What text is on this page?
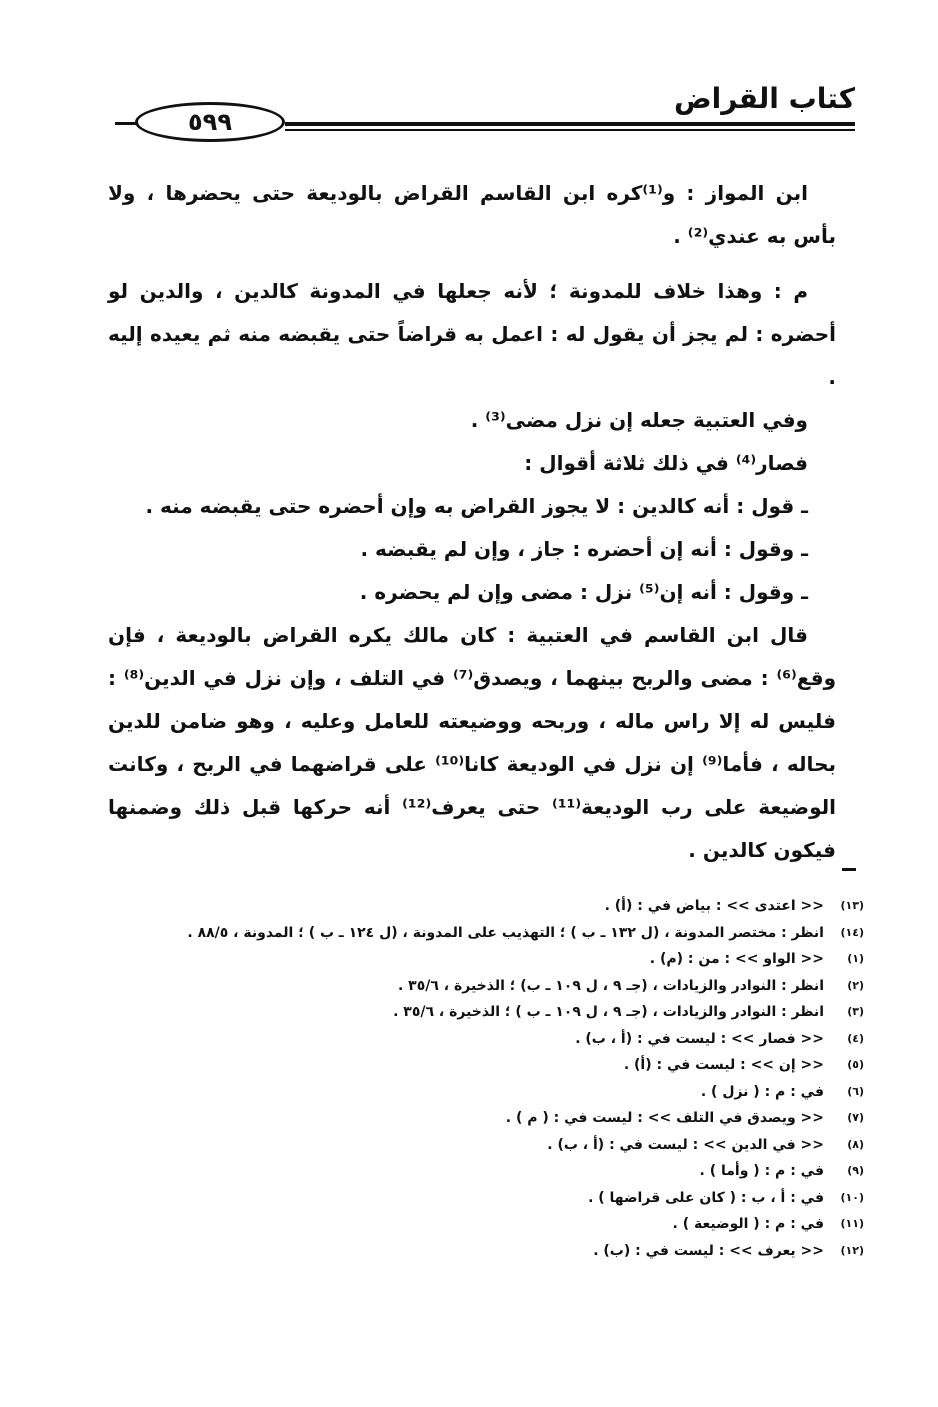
٥٩٩
كتاب القراض

ابن المواز : و⁽¹⁾كره ابن القاسم القراض بالوديعة حتى يحضرها ، ولا بأس به عندي⁽²⁾ .

م : وهذا خلاف للمدونة ؛ لأنه جعلها في المدونة كالدين ، والدين لو أحضره : لم يجز أن يقول له : اعمل به قراضاً حتى يقبضه منه ثم يعيده إليه .

وفي العتبية جعله إن نزل مضى⁽³⁾ .

فصار⁽⁴⁾ في ذلك ثلاثة أقوال :

ـ قول : أنه كالدين : لا يجوز القراض به وإن أحضره حتى يقبضه منه .

ـ وقول : أنه إن أحضره : جاز ، وإن لم يقبضه .

ـ وقول : أنه إن⁽⁵⁾ نزل : مضى وإن لم يحضره .

قال ابن القاسم في العتبية : كان مالك يكره القراض بالوديعة ، فإن وقع⁽⁶⁾ : مضى والربح بينهما ، ويصدق⁽⁷⁾ في التلف ، وإن نزل في الدين⁽⁸⁾ : فليس له إلا راس ماله ، وربحه ووضيعته للعامل وعليه ، وهو ضامن للدين بحاله ، فأما⁽⁹⁾ إن نزل في الوديعة كانا⁽¹⁰⁾ على قراضهما في الربح ، وكانت الوضيعة على رب الوديعة⁽¹¹⁾ حتى يعرف⁽¹²⁾ أنه حركها قبل ذلك وضمنها فيكون كالدين .

(١٣)
<< اعتدى >> : بياض في : (أ) .
(١٤)
انظر : مختصر المدونة ، (ل ١٣٢ ـ ب ) ؛ التهذيب على المدونة ، (ل ١٢٤ ـ ب ) ؛ المدونة ، ٨٨/٥ .
(١)
<< الواو >> : من : (م) .
(٢)
انظر : النوادر والزيادات ، (جـ ٩ ، ل ١٠٩ ـ ب) ؛ الذخيرة ، ٣٥/٦ .
(٣)
انظر : النوادر والزيادات ، (جـ ٩ ، ل ١٠٩ ـ ب ) ؛ الذخيرة ، ٣٥/٦ .
(٤)
<< فصار >> : ليست في : (أ ، ب) .
(٥)
<< إن >> : ليست في : (أ) .
(٦)
في : م : ( نزل ) .
(٧)
<< ويصدق في التلف >> : ليست في : ( م ) .
(٨)
<< في الدين >> : ليست في : (أ ، ب) .
(٩)
في : م : ( وأما ) .
(١٠)
في : أ ، ب : ( كان على قراضها ) .
(١١)
في : م : ( الوضيعة ) .
(١٢)
<< يعرف >> : ليست في : (ب) .
